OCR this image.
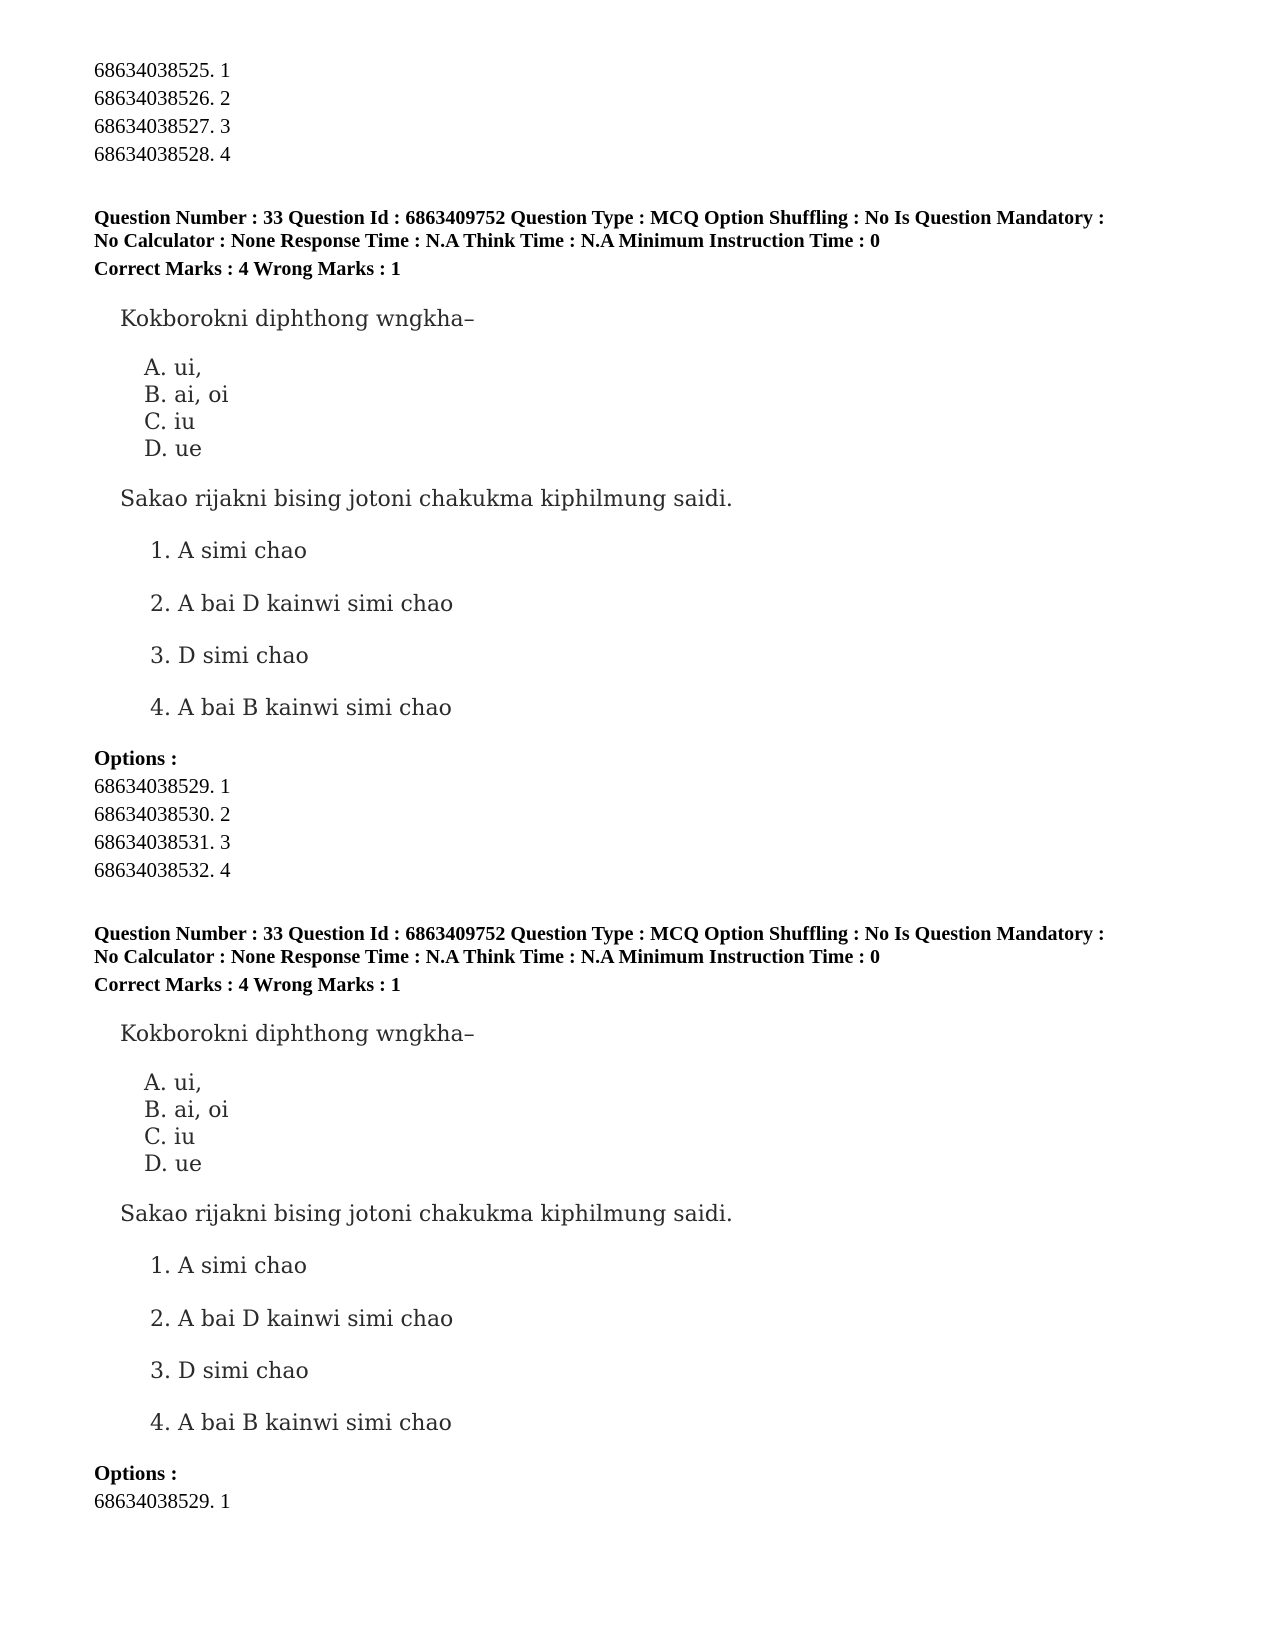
68634038525. 1
68634038526. 2
68634038527. 3
68634038528. 4
Question Number : 33 Question Id : 6863409752 Question Type : MCQ Option Shuffling : No Is Question Mandatory :
No Calculator : None Response Time : N.A Think Time : N.A Minimum Instruction Time : 0
Correct Marks : 4 Wrong Marks : 1
Kokborokni diphthong wngkha–
A. ui,
B. ai, oi
C. iu
D. ue
Sakao rijakni bising jotoni chakukma kiphilmung saidi.
1. A simi chao
2. A bai D kainwi simi chao
3. D simi chao
4. A bai B kainwi simi chao
Options :
68634038529. 1
68634038530. 2
68634038531. 3
68634038532. 4
Question Number : 33 Question Id : 6863409752 Question Type : MCQ Option Shuffling : No Is Question Mandatory :
No Calculator : None Response Time : N.A Think Time : N.A Minimum Instruction Time : 0
Correct Marks : 4 Wrong Marks : 1
Kokborokni diphthong wngkha–
A. ui,
B. ai, oi
C. iu
D. ue
Sakao rijakni bising jotoni chakukma kiphilmung saidi.
1. A simi chao
2. A bai D kainwi simi chao
3. D simi chao
4. A bai B kainwi simi chao
Options :
68634038529. 1
